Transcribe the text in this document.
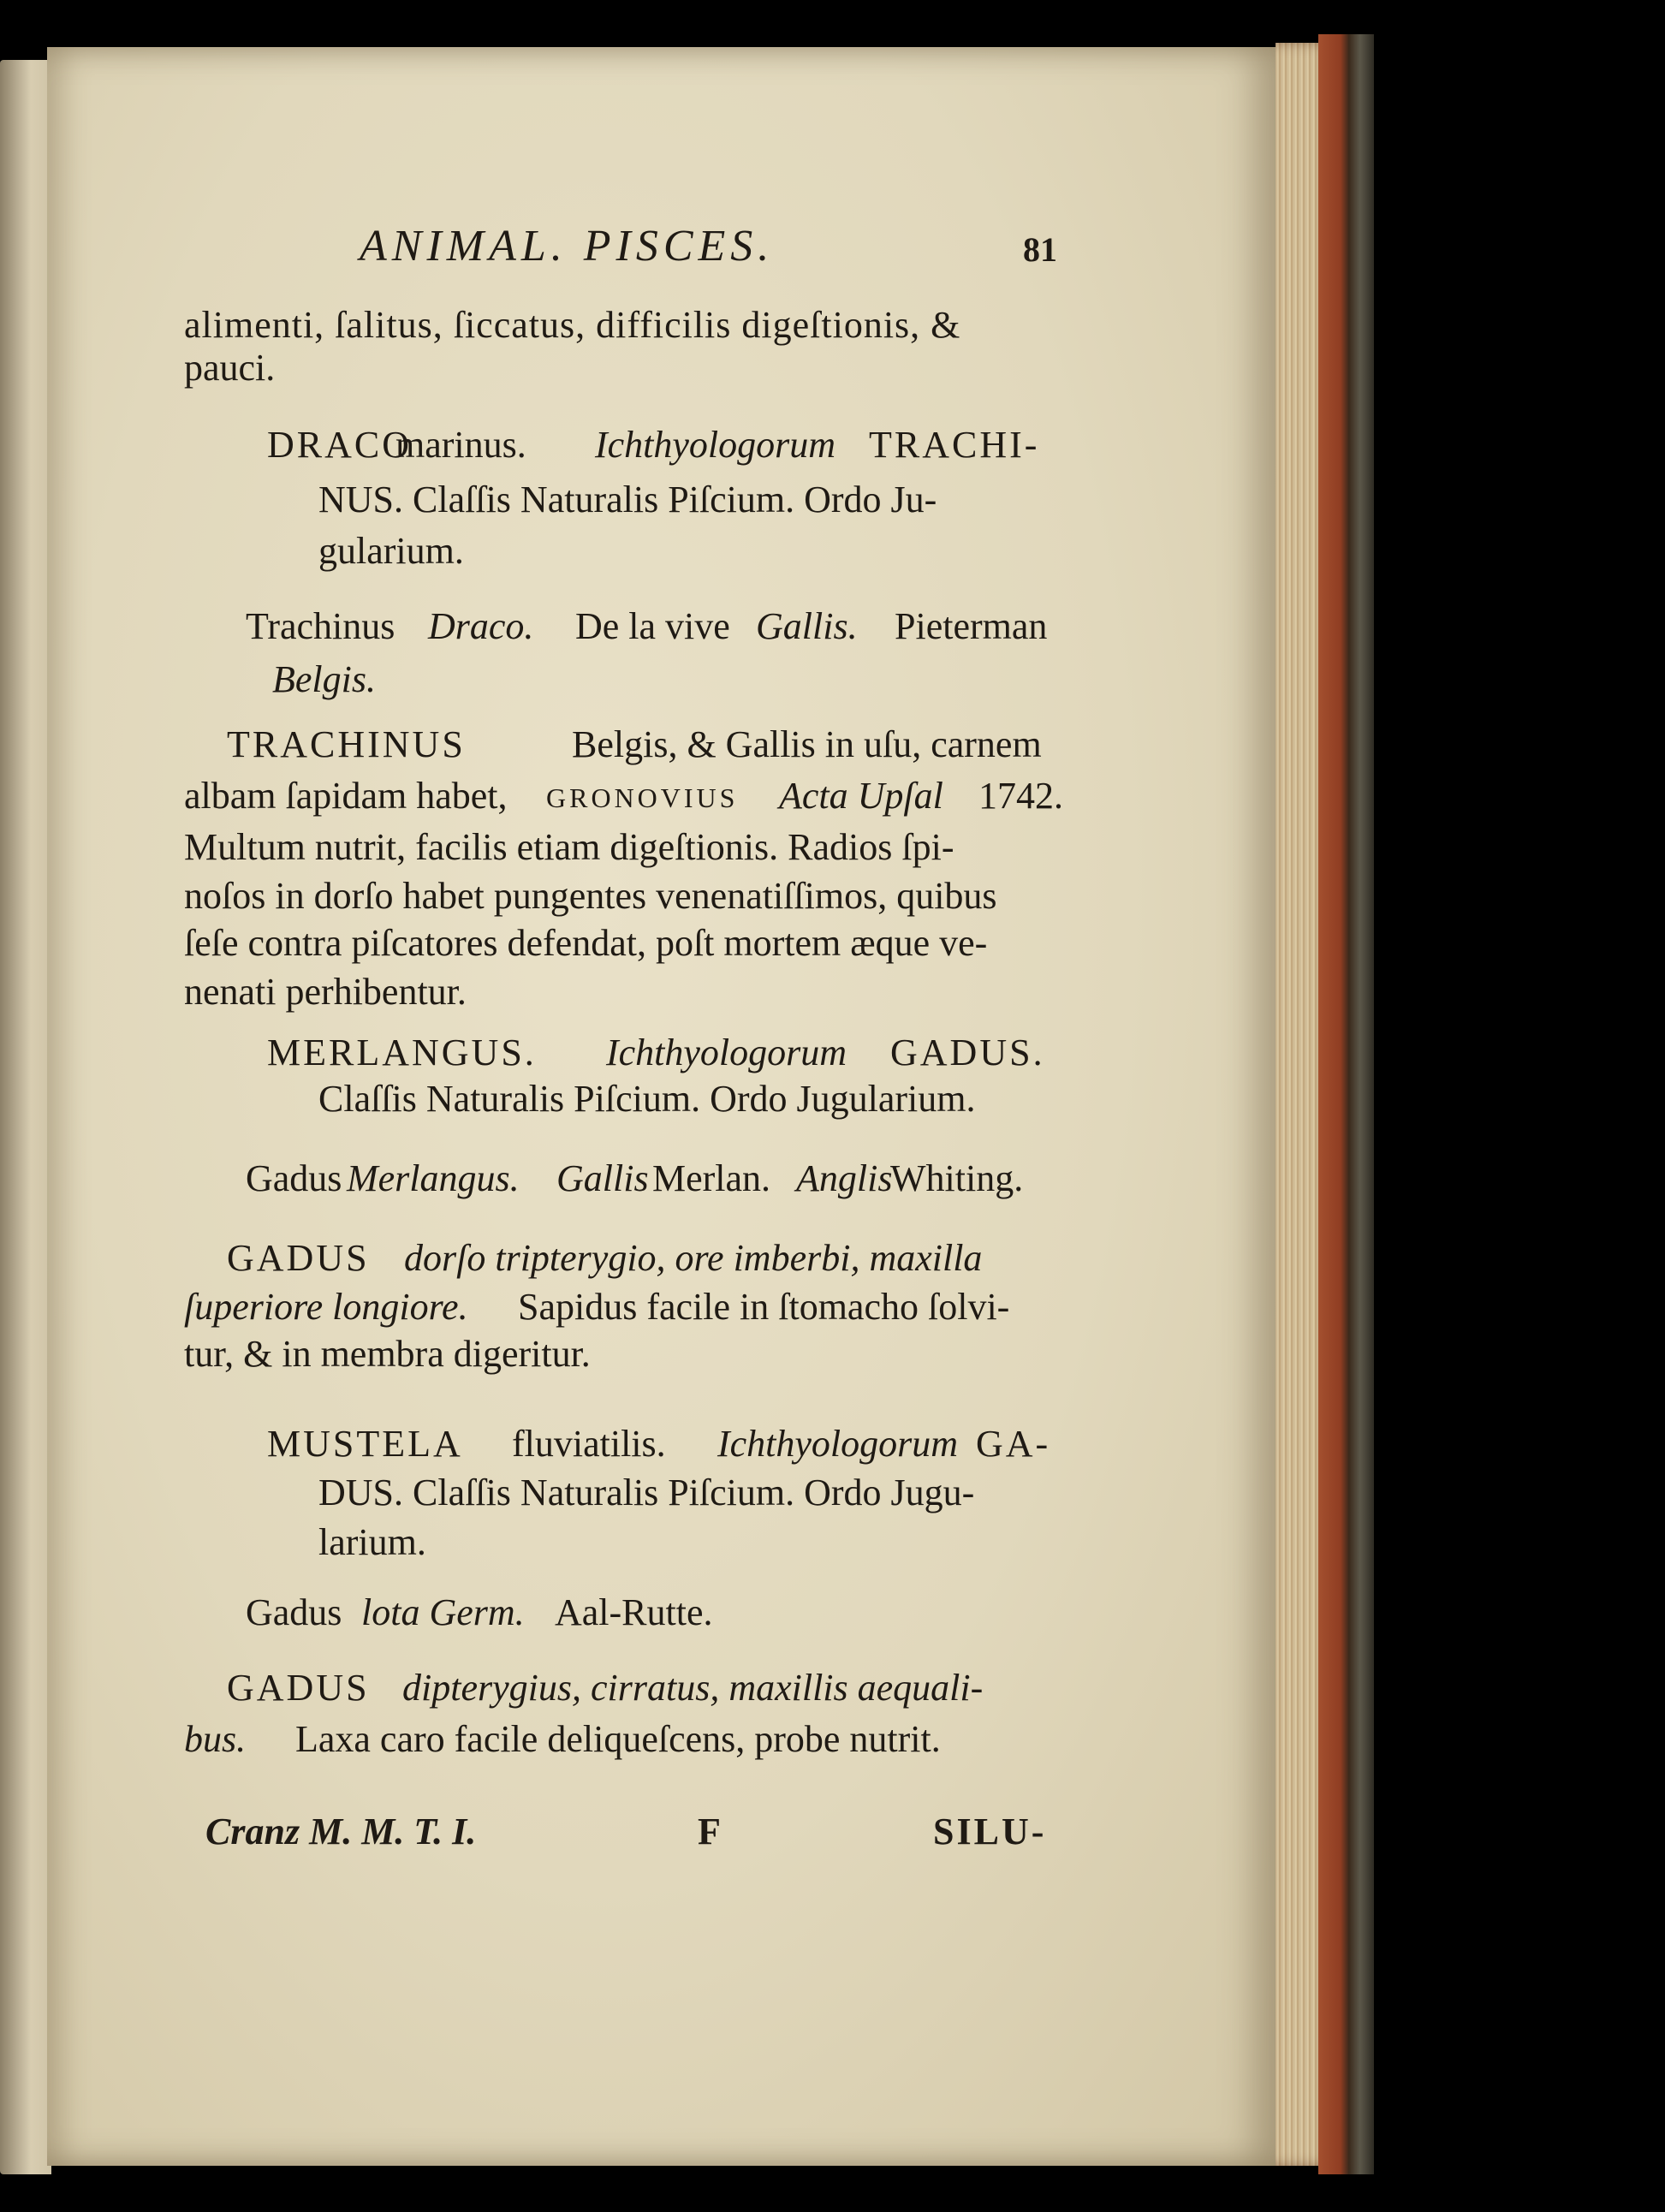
ANIMAL. PISCES.	81
alimenti, ſalitus, ſiccatus, difficilis digeſtionis, &
pauci.
DRACO
marinus. Ichthyologorum TRACHI-
NUS. Claſſis Naturalis Piſcium. Ordo Ju-
gularium.
Trachinus Draco. De la vive Gallis. Pieterman
Belgis.
TRACHINUS	Belgis, & Gallis in uſu, carnem
albam ſapidam habet, GRONOVIUS Acta Upſal 1742.
Multum nutrit, facilis etiam digeſtionis. Radios ſpi-
noſos in dorſo habet pungentes venenatiſſimos, quibus
ſeſe contra piſcatores defendat, poſt mortem æque ve-
nenati perhibentur.
MERLANGUS. Ichthyologorum GADUS.
Claſſis Naturalis Piſcium. Ordo Jugularium.
Gadus Merlangus. Gallis Merlan. Anglis
Whiting.
GADUS dorſo tripterygio, ore imberbi, maxilla
ſuperiore longiore. Sapidus facile in ſtomacho ſolvi-
tur, & in membra digeritur.
MUSTELA fluviatilis. Ichthyologorum GA-
DUS. Claſſis Naturalis Piſcium. Ordo Jugu-
larium.
Gadus lota Germ. Aal-Rutte.
GADUS dipterygius, cirratus, maxillis aequali-
bus. Laxa caro facile deliqueſcens, probe nutrit.
Cranz M. M. T. I.	F	SILU-
